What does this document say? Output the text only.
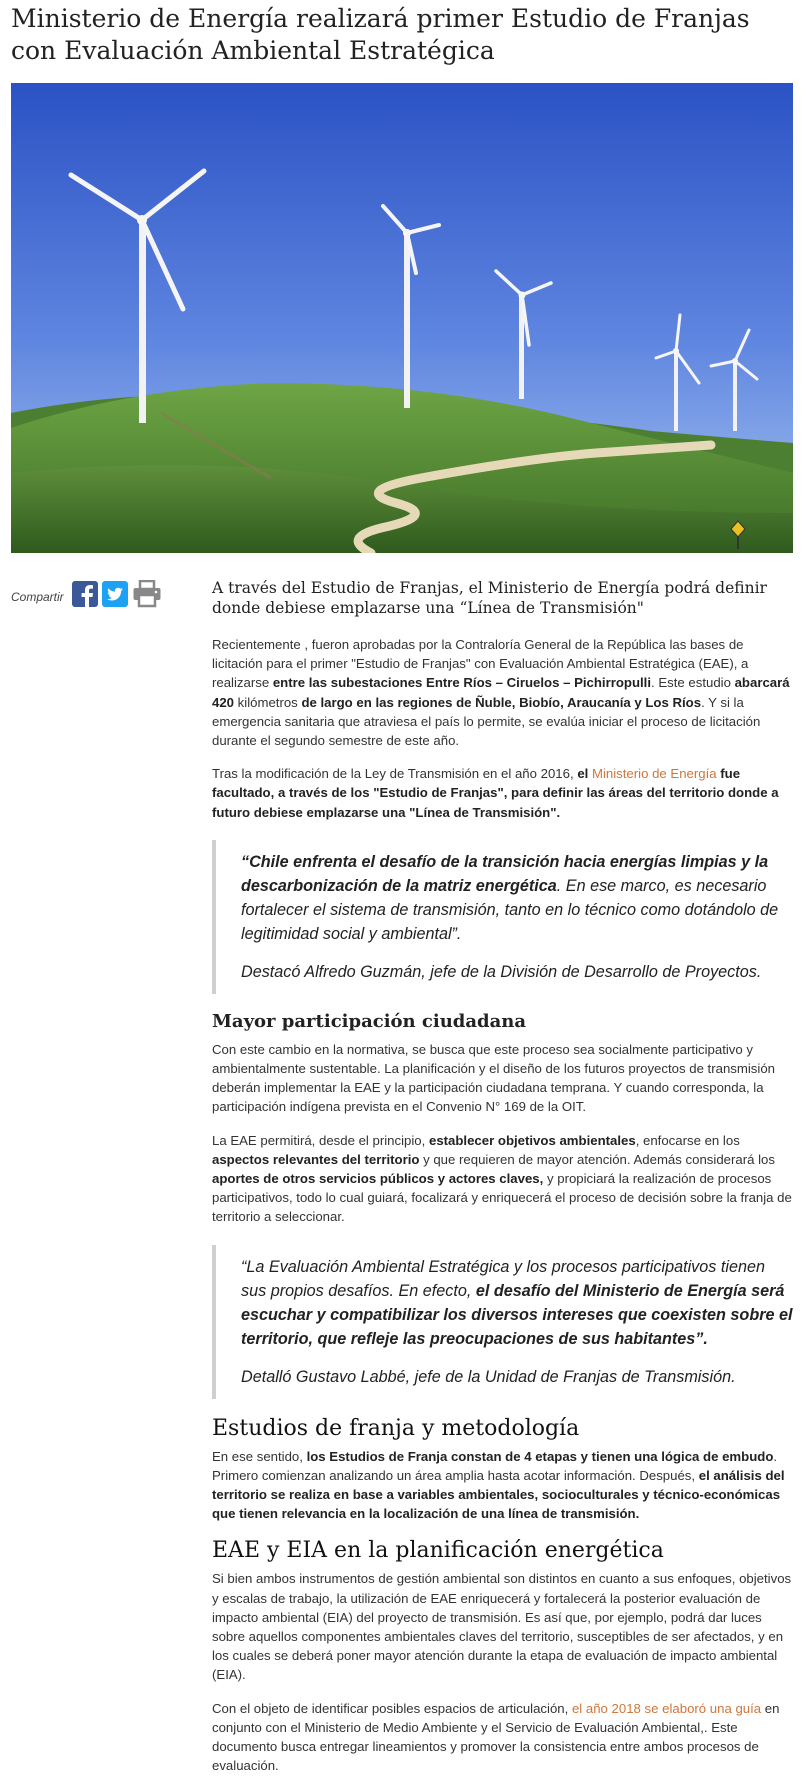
Ministerio de Energía realizará primer Estudio de Franjas con Evaluación Ambiental Estratégica
Compartir	A través del Estudio de Franjas, el Ministerio de Energía podrá definir donde debiese emplazarse una “Línea de Transmisión"

Recientemente , fueron aprobadas por la Contraloría General de la República las bases de licitación para el primer "Estudio de Franjas" con Evaluación Ambiental Estratégica (EAE), a realizarse entre las subestaciones Entre Ríos – Ciruelos – Pichirropulli. Este estudio abarcará 420 kilómetros de largo en las regiones de Ñuble, Biobío, Araucanía y Los Ríos. Y si la emergencia sanitaria que atraviesa el país lo permite, se evalúa iniciar el proceso de licitación durante el segundo semestre de este año.

Tras la modificación de la Ley de Transmisión en el año 2016, el Ministerio de Energía fue facultado, a través de los "Estudio de Franjas", para definir las áreas del territorio donde a futuro debiese emplazarse una "Línea de Transmisión".

“Chile enfrenta el desafío de la transición hacia energías limpias y la descarbonización de la matriz energética. En ese marco, es necesario fortalecer el sistema de transmisión, tanto en lo técnico como dotándolo de legitimidad social y ambiental”.
Destacó Alfredo Guzmán, jefe de la División de Desarrollo de Proyectos.
Mayor participación ciudadana

Con este cambio en la normativa, se busca que este proceso sea socialmente participativo y ambientalmente sustentable. La planificación y el diseño de los futuros proyectos de transmisión deberán implementar la EAE y la participación ciudadana temprana. Y cuando corresponda, la participación indígena prevista en el Convenio N° 169 de la OIT.

La EAE permitirá, desde el principio, establecer objetivos ambientales, enfocarse en los aspectos relevantes del territorio y que requieren de mayor atención. Además considerará los aportes de otros servicios públicos y actores claves, y propiciará la realización de procesos participativos, todo lo cual guiará, focalizará y enriquecerá el proceso de decisión sobre la franja de territorio a seleccionar.

“La Evaluación Ambiental Estratégica y los procesos participativos tienen sus propios desafíos. En efecto, el desafío del Ministerio de Energía será escuchar y compatibilizar los diversos intereses que coexisten sobre el territorio, que refleje las preocupaciones de sus habitantes”.
Detalló Gustavo Labbé, jefe de la Unidad de Franjas de Transmisión.
Estudios de franja y metodología

En ese sentido, los Estudios de Franja constan de 4 etapas y tienen una lógica de embudo. Primero comienzan analizando un área amplia hasta acotar información. Después, el análisis del territorio se realiza en base a variables ambientales, socioculturales y técnico-económicas que tienen relevancia en la localización de una línea de transmisión.

EAE y EIA en la planificación energética

Si bien ambos instrumentos de gestión ambiental son distintos en cuanto a sus enfoques, objetivos y escalas de trabajo, la utilización de EAE enriquecerá y fortalecerá la posterior evaluación de impacto ambiental (EIA) del proyecto de transmisión. Es así que, por ejemplo, podrá dar luces sobre aquellos componentes ambientales claves del territorio, susceptibles de ser afectados, y en los cuales se deberá poner mayor atención durante la etapa de evaluación de impacto ambiental (EIA).

Con el objeto de identificar posibles espacios de articulación, el año 2018 se elaboró una guía en conjunto con el Ministerio de Medio Ambiente y el Servicio de Evaluación Ambiental,. Este documento busca entregar lineamientos y promover la consistencia entre ambos procesos de evaluación.
